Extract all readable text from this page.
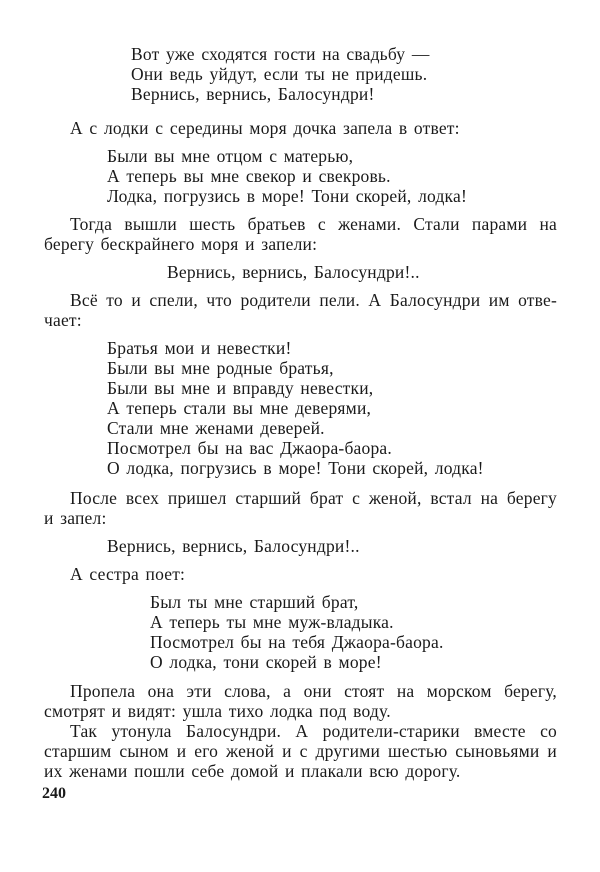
Вот уже сходятся гости на свадьбу —
Они ведь уйдут, если ты не придешь.
Вернись, вернись, Балосундри!
А с лодки с середины моря дочка запела в ответ:
Были вы мне отцом с матерью,
А теперь вы мне свекор и свекровь.
Лодка, погрузись в море! Тони скорей, лодка!
Тогда вышли шесть братьев с женами. Стали парами на
берегу бескрайнего моря и запели:
Вернись, вернись, Балосундри!..
Всё то и спели, что родители пели. А Балосундри им отве-
чает:
Братья мои и невестки!
Были вы мне родные братья,
Были вы мне и вправду невестки,
А теперь стали вы мне деверями,
Стали мне женами деверей.
Посмотрел бы на вас Джаора-баора.
О лодка, погрузись в море! Тони скорей, лодка!
После всех пришел старший брат с женой, встал на берегу
и запел:
Вернись, вернись, Балосундри!..
А сестра поет:
Был ты мне старший брат,
А теперь ты мне муж-владыка.
Посмотрел бы на тебя Джаора-баора.
О лодка, тони скорей в море!
Пропела она эти слова, а они стоят на морском берегу,
смотрят и видят: ушла тихо лодка под воду.
Так утонула Балосундри. А родители-старики вместе со
старшим сыном и его женой и с другими шестью сыновьями и
их женами пошли себе домой и плакали всю дорогу.
240
